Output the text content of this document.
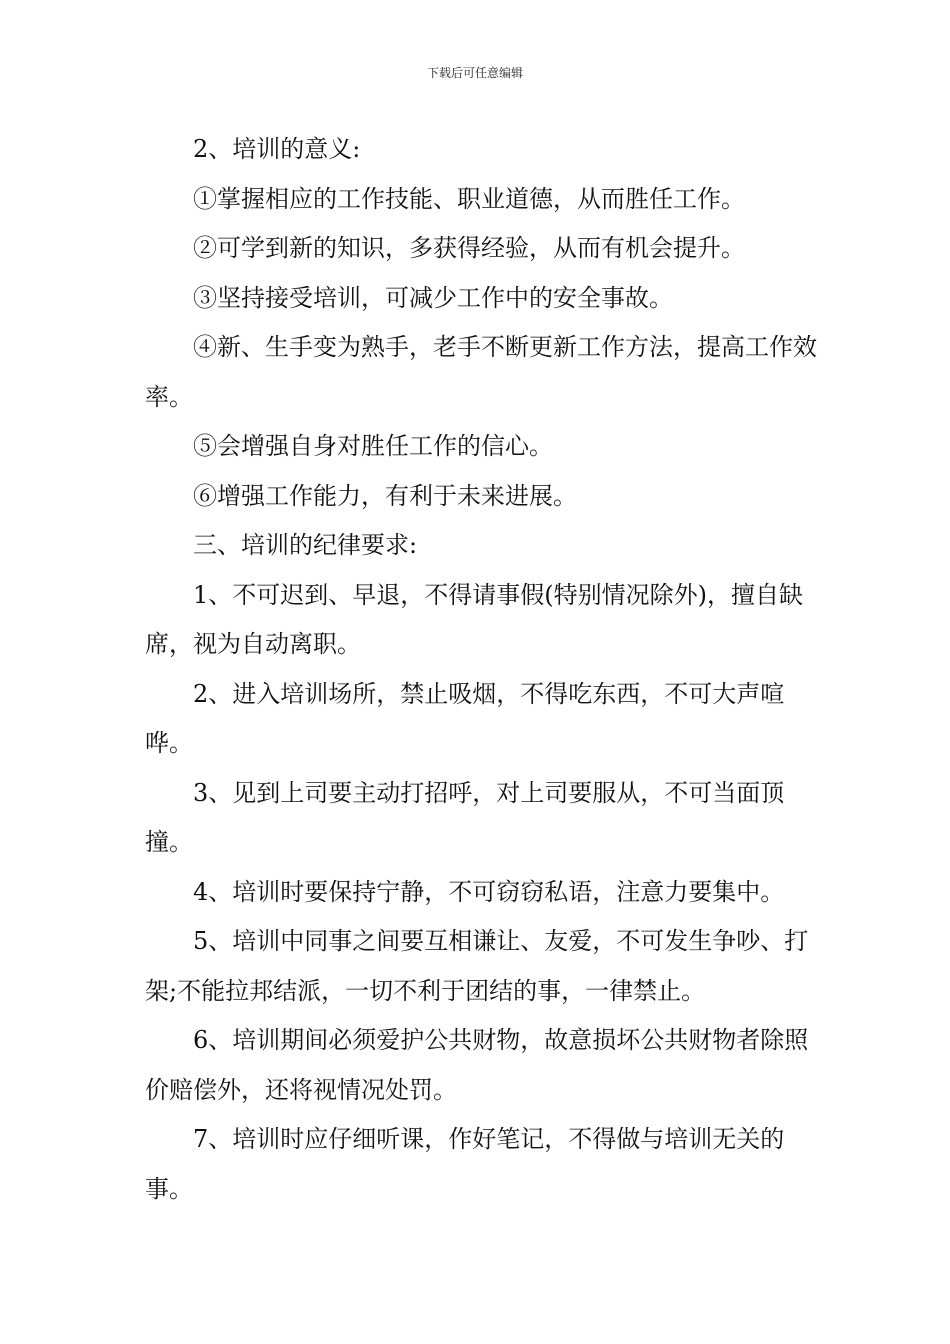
下载后可任意编辑

2、培训的意义:

①掌握相应的工作技能、职业道德，从而胜任工作。

②可学到新的知识，多获得经验，从而有机会提升。

③坚持接受培训，可减少工作中的安全事故。

④新、生手变为熟手，老手不断更新工作方法，提高工作效率。

⑤会增强自身对胜任工作的信心。

⑥增强工作能力，有利于未来进展。

三、培训的纪律要求:

1、不可迟到、早退，不得请事假(特别情况除外)，擅自缺席，视为自动离职。

2、进入培训场所，禁止吸烟，不得吃东西，不可大声喧哗。

3、见到上司要主动打招呼，对上司要服从，不可当面顶撞。

4、培训时要保持宁静，不可窃窃私语，注意力要集中。

5、培训中同事之间要互相谦让、友爱，不可发生争吵、打架;不能拉邦结派，一切不利于团结的事，一律禁止。

6、培训期间必须爱护公共财物，故意损坏公共财物者除照价赔偿外，还将视情况处罚。

7、培训时应仔细听课，作好笔记，不得做与培训无关的事。
